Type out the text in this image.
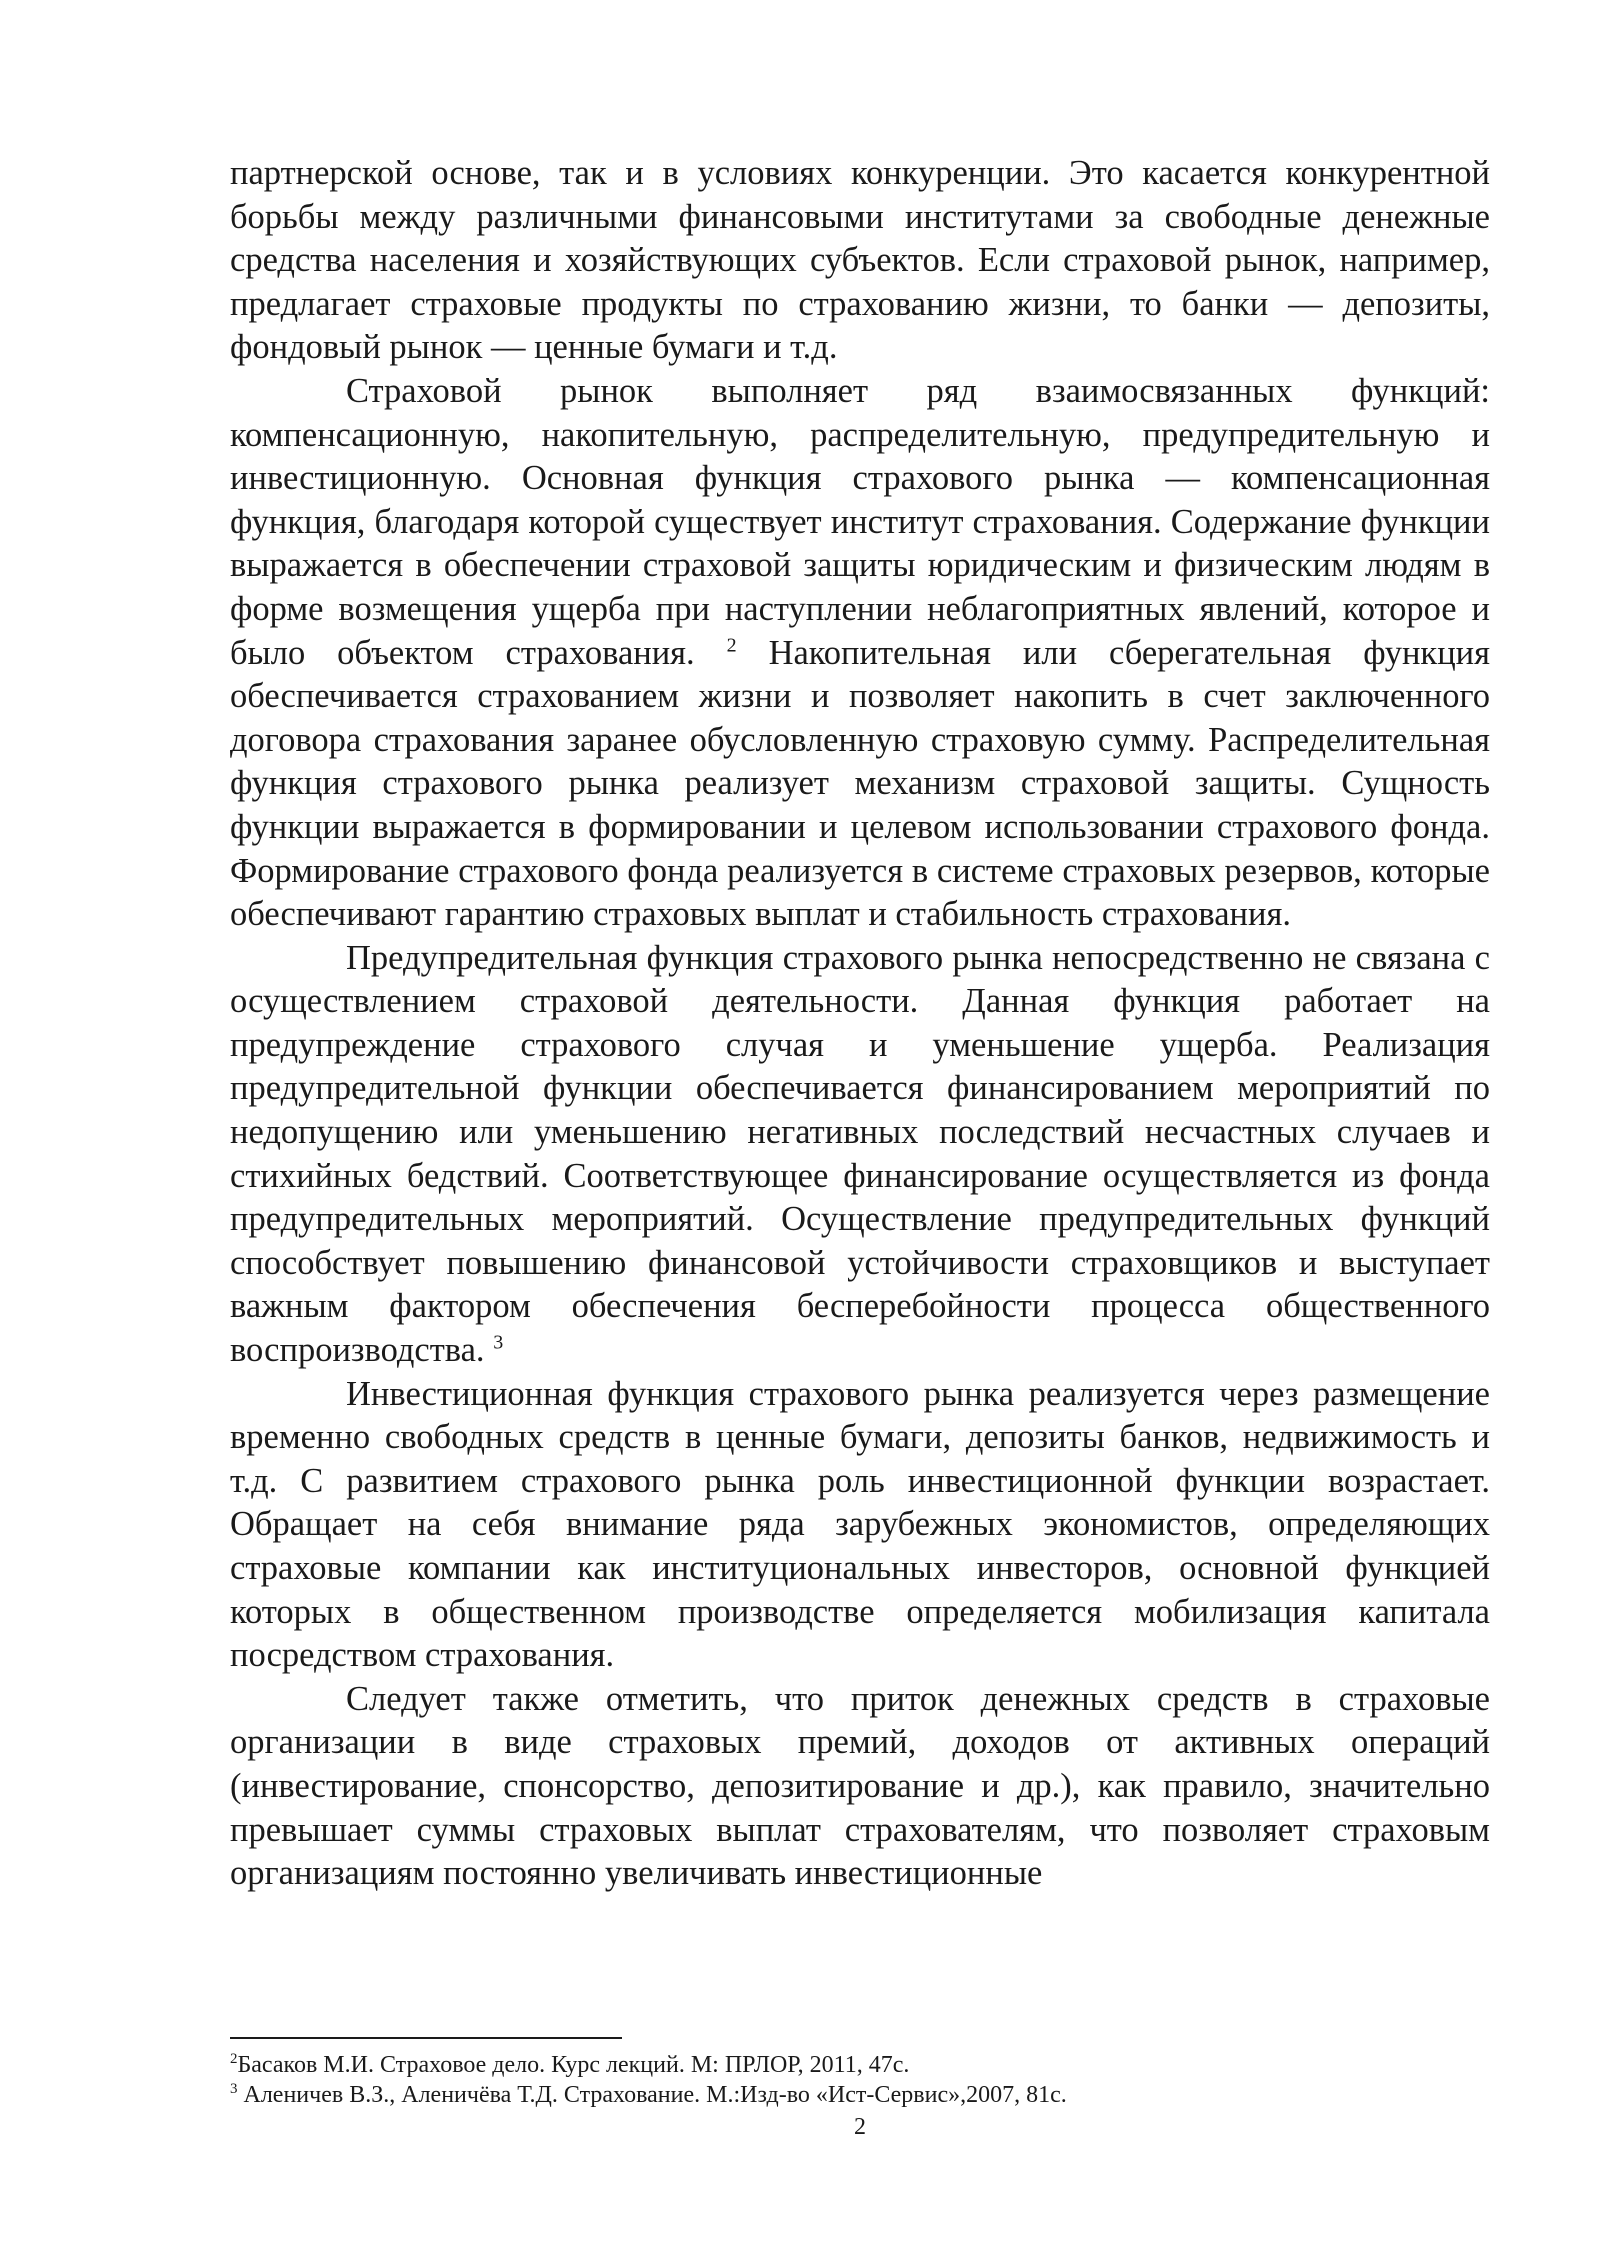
партнерской основе, так и в условиях конкуренции. Это касается конкурентной борьбы между различными финансовыми институтами за свободные денежные средства населения и хозяйствующих субъектов. Если страховой рынок, например, предлагает страховые продукты по страхованию жизни, то банки — депозиты, фондовый рынок — ценные бумаги и т.д.

Страховой рынок выполняет ряд взаимосвязанных функций: компенсационную, накопительную, распределительную, предупредительную и инвестиционную. Основная функция страхового рынка — компенсационная функция, благодаря которой существует институт страхования. Содержание функции выражается в обеспечении страховой защиты юридическим и физическим людям в форме возмещения ущерба при наступлении неблагоприятных явлений, которое и было объектом страхования. $^2$ Накопительная или сберегательная функция обеспечивается страхованием жизни и позволяет накопить в счет заключенного договора страхования заранее обусловленную страховую сумму. Распределительная функция страхового рынка реализует механизм страховой защиты. Сущность функции выражается в формировании и целевом использовании страхового фонда. Формирование страхового фонда реализуется в системе страховых резервов, которые обеспечивают гарантию страховых выплат и стабильность страхования.

Предупредительная функция страхового рынка непосредственно не связана с осуществлением страховой деятельности. Данная функция работает на предупреждение страхового случая и уменьшение ущерба. Реализация предупредительной функции обеспечивается финансированием мероприятий по недопущению или уменьшению негативных последствий несчастных случаев и стихийных бедствий. Соответствующее финансирование осуществляется из фонда предупредительных мероприятий. Осуществление предупредительных функций способствует повышению финансовой устойчивости страховщиков и выступает важным фактором обеспечения бесперебойности процесса общественного воспроизводства. $^3$

Инвестиционная функция страхового рынка реализуется через размещение временно свободных средств в ценные бумаги, депозиты банков, недвижимость и т.д. С развитием страхового рынка роль инвестиционной функции возрастает. Обращает на себя внимание ряда зарубежных экономистов, определяющих страховые компании как институциональных инвесторов, основной функцией которых в общественном производстве определяется мобилизация капитала посредством страхования.

Следует также отметить, что приток денежных средств в страховые организации в виде страховых премий, доходов от активных операций (инвестирование, спонсорство, депозитирование и др.), как правило, значительно превышает суммы страховых выплат страхователям, что позволяет страховым организациям постоянно увеличивать инвестиционные

$^2$Басаков М.И. Страховое дело. Курс лекций. М: ПРЛОР, 2011, 47с.

$^3$ Аленичев В.З., Аленичёва Т.Д. Страхование. М.:Изд-во «Ист-Сервис»,2007, 81с.

2
